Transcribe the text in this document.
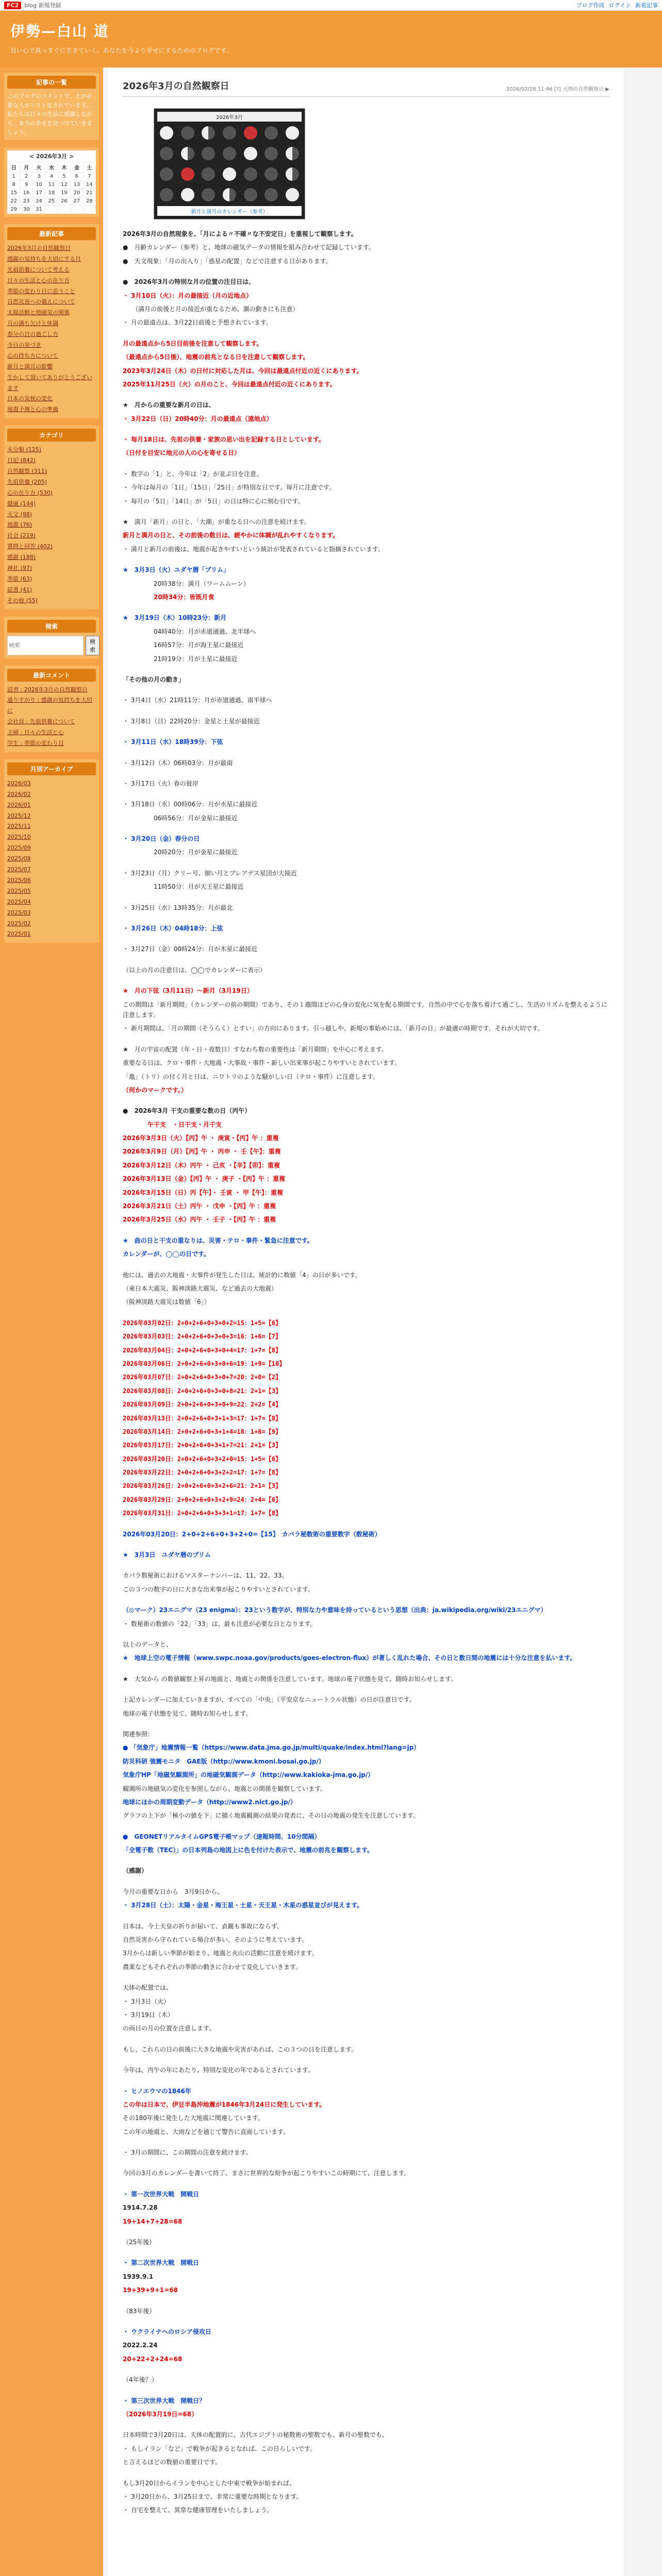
FC2	blog 新規登録	ブログ作成 ログイン 新着記事
伊勢—白山 道
良い心で真っすぐに生きていく。あなたを今より幸せにするためのブログです。
記事の一覧
このブログのコメントで、上が必要な人がリスト化されています。私たちは日々の生活に感謝しながら、本当の幸せを見つけていきましょう。
< 2026年3月 >
日	月	火	水	木	金	土
1	2	3	4	5	6	7
8	9	10	11	12	13	14
15	16	17	18	19	20	21
22	23	24	25	26	27	28
29	30	31				
最新記事
2026年3月の自然観察日
感謝の気持ちを大切にする日
先祖供養について考える
日々の生活と心の在り方
季節の変わり目に思うこと
自然災害への備えについて
太陽活動と地磁気の関係
月の満ち欠けと体調
春分の日の過ごし方
今日の気づき
心の持ち方について
新月と満月の影響
生かして頂いてありがとうございます
日本の気候の変化
地震予測と心の準備
カテゴリ
未分類 (125)
日記 (842)
自然観察 (311)
先祖供養 (205)
心の在り方 (530)
健康 (144)
天文 (98)
地震 (76)
社会 (219)
質問と回答 (402)
感謝 (188)
神社 (97)
季節 (63)
読書 (41)
その他 (55)
検索
検索
検索
最新コメント
読者 : 2026年3月の自然観察日
通りすがり : 感謝の気持ちを大切に
会社員 : 先祖供養について
主婦 : 日々の生活と心
学生 : 季節の変わり目
月別アーカイブ
2026/03
2026/02
2026/01
2025/12
2025/11
2025/10
2025/09
2025/08
2025/07
2025/06
2025/05
2025/04
2025/03
2025/02
2025/01
2026年3月の自然観察日	2026/02/28 11:46 [?] 天然の自然観察日 ▶
2026年3月
新月と満月のカレンダー（参考）

2026年3月の自然現象を、「月による〃不確〃な不安定日」を重視して観察します。

●　月齢カレンダー（参考）と、地球の磁気データの情報を組み合わせて記録しています。

●　天文現象：「月の出入り」「惑星の配置」などで注意する日があります。

●　2026年3月の特別な月の位置の注目日は、

・ 3月10日（火）：月の最接近（月の近地点）

　　（満月の前後と月の接近が重なるため、潮の動きにも注意）

・ 月の最遠点は、3月22日前後と予想されています。

月の最遠点から5日目前後を注意して観察します。

（最遠点から5日後）、地震の前兆となる日を注意して観察します。

2023年3月24日（木）の日付に対応した月は、今回は最遠点付近の近くにあります。

2025年11月25日（火）の月のこと、今回は最遠点付近の近くにあります。

★　月からの重要な新月の日は、

・ 3月22日（日）20時40分：月の最遠点（遠地点）

・ 毎月18日は、先祖の供養・家族の思い出を記録する日としています。

（日付を目安に地元の人の心を寄せる日）

・ 数字の「1」と、今年は「2」が並ぶ日を注意、

・ 今年は毎月の「1日」「15日」「25日」が特別な日です。毎月に注意です。

・ 毎月の「5日」「14日」が「5日」の日は特に心に刻む日です。

★　満月「新月」の日と、「大潮」が重なる日への注意を続けます。

新月と満月の日と、その前後の数日は、緩やかに体調が乱れやすくなります。

・ 満月と新月の前後は、地震が起きやすいという統計が発表されていると指摘されています。

★　3月3日（火）ユダヤ暦「プリム」

　　　　　20時38分：満月（ワームムーン）

　　　　　20時34分：皆既月食

★　3月19日（木）10時23分：新月

　　　　　04時40分：月が赤道通過、北半球へ

　　　　　16時57分：月が海王星に最接近

　　　　　21時19分：月が土星に最接近

「その他の月の動き」

・ 3月4日（水）21時11分：月が赤道通過、南半球へ

・ 3月8日（日）22時20分：金星と土星が最接近

・ 3月11日（水）18時39分：下弦

・ 3月12日（木）06時03分：月が最南

・ 3月17日（火）春の彼岸

・ 3月18日（水）00時06分：月が水星に最接近

　　　　　06時56分：月が金星に最接近

・ 3月20日（金）春分の日

　　　　　20時20分：月が金星に最接近

・ 3月23日（月）クリー号、細い月とプレアデス星団が大接近

　　　　　11時50分：月が天王星に最接近

・ 3月25日（水）13時35分：月が最北

・ 3月26日（木）04時18分：上弦

・ 3月27日（金）00時24分：月が木星に最接近

（以上の月の注意日は、◯◯でカレンダーに表示）

★　月の下弦（3月11日）〜新月（3月19日）

この期間は「新月期間」（カレンダーの前の期間）であり、その１週間ほどの心身の変化に気を配る期間です。自然の中で心を落ち着けて過ごし、生活のリズムを整えるように注意します。

・ 新月期間は、「月の期間（そうらく）とすい」の方向にあります。引っ越しや、新規の事始めには、「新月の日」が最適の時期です。それが大切です。

★　月の宇宙の配置（年・日・夜数日）すなわち数の重要性は「新月期間」を中心に考えます。

重要なる日は、クロ・事件・大地震・大事故・事件・新しい出来事が起こりやすいとされています。

「亀」（トリ）の付く月と日は、ニワトリのような騒がしい日（テロ・事件）に注意します。

（何かのマークです。）

●　2026年3月 干支の重要な数の日（丙午）

　　　　午干支　・日干支・月干支

2026年3月3日（火）【丙】午 ・ 庚寅・【丙】午 ：重複

2026年3月9日（月）【丙】午 ・ 丙申 ・ 壬【午】：重複

2026年3月12日（木）丙午 ・ 己亥 ・【辛】【卯】：重複

2026年3月13日（金）【丙】午 ・ 庚子 ・【丙】午 ：重複

2026年3月15日（日）丙【午】・ 壬寅 ・ 甲【午】：重複

2026年3月21日（土）丙午 ・ 戊申 ・【丙】午 ：重複

2026年3月25日（水）丙午 ・ 壬子 ・【丙】午 ：重複

★　曲の日と干支の重なりは、災害・テロ・事件・緊急に注意です。

カレンダーが、◯◯の日です。

他には、過去の大地震・大事件が発生した日は、統計的に数値「4」の日が多いです。

（東日本大震災、阪神淡路大震災、など過去の大地震）

（阪神淡路大震災は数値「6」）

2026年03月02日：2+0+2+6+0+3+0+2=15：1+5=【6】

2026年03月03日：2+0+2+6+0+3+0+3=16：1+6=【7】

2026年03月04日：2+0+2+6+0+3+0+4=17：1+7=【8】

2026年03月06日：2+0+2+6+0+3+0+6=19：1+9=【10】

2026年03月07日：2+0+2+6+0+3+0+7=20：2+0=【2】

2026年03月08日：2+0+2+6+0+3+0+8=21：2+1=【3】

2026年03月09日：2+0+2+6+0+3+0+9=22：2+2=【4】

2026年03月13日：2+0+2+6+0+3+1+3=17：1+7=【8】

2026年03月14日：2+0+2+6+0+3+1+4=18：1+8=【9】

2026年03月17日：2+0+2+6+0+3+1+7=21：2+1=【3】

2026年03月20日：2+0+2+6+0+3+2+0=15：1+5=【6】

2026年03月22日：2+0+2+6+0+3+2+2=17：1+7=【8】

2026年03月26日：2+0+2+6+0+3+2+6=21：2+1=【3】

2026年03月29日：2+0+2+6+0+3+2+9=24：2+4=【6】

2026年03月31日：2+0+2+6+0+3+3+1=17：1+7=【8】

2026年03月20日：2+0+2+6+0+3+2+0=【15】　カバラ秘数術の重要数字（数秘術）

★　3月3日　ユダヤ暦のプリム

カバラ数秘術におけるマスターナンバーは、11、22、33。

この３つの数字の日に大きな出来事が起こりやすいとされています。

（◎マーク）23エニグマ（23 enigma）：23という数字が、特別な力や意味を持っているという思想（出典：ja.wikipedia.org/wiki/23エニグマ）

・ 数秘術の数値の「22」「33」は、最も注意が必要な日となります。

以上のデータと、

★　地球上空の電子情報（www.swpc.noaa.gov/products/goes-electron-flux）が著しく乱れた場合、その日と数日間の地震には十分な注意を払います。

★　大気から の数値観察上昇の地震と、地震との関係を注意しています。地球の電子状態を見て、随時お知らせします。

上記カレンダーに加えていきますが、すべての「中央」（平安京なニュートラル状態）の日が注意日です。

地球の電子状態を見て、随時お知らせします。

関連参照：

● 「気象庁」地震情報一覧（https://www.data.jma.go.jp/multi/quake/index.html?lang=jp）

防災科研 強震モニタ　GAE版（http://www.kmoni.bosai.go.jp/）

気象庁HP「地磁気観測所」の地磁気観測データ（http://www.kakioka-jma.go.jp/）

観測所の地磁気の変化を参照しながら、地震との関係を観察しています。

地球にほかの周期変動データ（http://www2.nict.go.jp/）

グラフの上下が「極小の値を下」に描く地震観測の結果の発表に、その日の地震の発生を注意しています。

●　GEONETリアルタイムGPS電子帳マップ（速報時間、10分間隔）

「全電子数（TEC）」の日本列島の地図上に色を付けた表示で、地震の前兆を観察します。

（感謝）

今月の重要な日から　3月9日から、

・ 3月28日（土）：太陽・金星・海王星・土星・天王星・木星の惑星並びが見えます。

日本は、今上天皇の祈りが届いて、貞観も事故にならず、

自然災害から守られている場合が多い、そのように考えています。

3月からは新しい季節が始まり、地震と火山の活動に注意を続けます。

農業などもそれぞれの季節の動きに合わせて変化していきます。

天体の配置では、

・ 3月3日（火）

・ 3月19日（木）

の両日の月の位置を注意します。

もし、これらの日の前後に大きな地震や災害があれば、この３つの日を注意します。

今年は、丙午の年にあたり、特別な変化の年であるとされています。

・ ヒノエウマの1846年

この年は日本で、伊豆半島沖地震が1846年3月24日に発生しています。

その180年後に発生した大地震に関連しています。

この年の地震と、大雨などを通じて警告に直面しています。

・ 3月の期間に、この期間の注意を続けます。

今回の3月のカレンダーを書いて終了、まさに世界的な紛争が起こりやすいこの時期にて、注意します。

・ 第一次世界大戦　開戦日

1914.7.28

19+14+7+28=68

（25年後）

・ 第二次世界大戦　開戦日

1939.9.1

19+39+9+1=68

（83年後）

・ ウクライナへのロシア侵攻日

2022.2.24

20+22+2+24=68

（4年後？）

・ 第三次世界大戦　開戦日？

（2026年3月19日=68）

日本時間で3月20日は、天体の配置的に、古代エジプトの秘数術の聖数でも、新月の聖数でも、

・ もしイラン「など」で戦争が起きるとなれば、この日らしいです。

と言えるほどの数値の重要日です。

もし3月20日からイランを中心とした中東で戦争が始まれば、

・ 3月20日から、3月25日まで、非常に重要な時期となります。

・ 自宅を整えて、異常な健康管理をいたしましょう。
